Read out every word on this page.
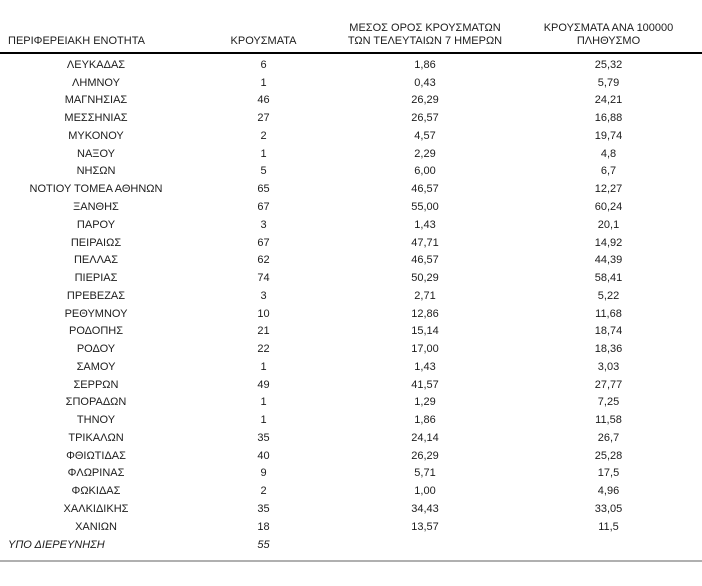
ΠΕΡΙΦΕΡΕΙΑΚΗ ΕΝΟΤΗΤΑ	ΚΡΟΥΣΜΑΤΑ	ΜΕΣΟΣ ΟΡΟΣ ΚΡΟΥΣΜΑΤΩΝ
ΤΩΝ ΤΕΛΕΥΤΑΙΩΝ 7 ΗΜΕΡΩΝ	ΚΡΟΥΣΜΑΤΑ ΑΝΑ 100000
ΠΛΗΘΥΣΜΟ

ΛΕΥΚΑΔΑΣ	6	1,86	25,32
ΛΗΜΝΟΥ	1	0,43	5,79
ΜΑΓΝΗΣΙΑΣ	46	26,29	24,21
ΜΕΣΣΗΝΙΑΣ	27	26,57	16,88
ΜΥΚΟΝΟΥ	2	4,57	19,74
ΝΑΞΟΥ	1	2,29	4,8
ΝΗΣΩΝ	5	6,00	6,7
ΝΟΤΙΟΥ ΤΟΜΕΑ ΑΘΗΝΩΝ	65	46,57	12,27
ΞΑΝΘΗΣ	67	55,00	60,24
ΠΑΡΟΥ	3	1,43	20,1
ΠΕΙΡΑΙΩΣ	67	47,71	14,92
ΠΕΛΛΑΣ	62	46,57	44,39
ΠΙΕΡΙΑΣ	74	50,29	58,41
ΠΡΕΒΕΖΑΣ	3	2,71	5,22
ΡΕΘΥΜΝΟΥ	10	12,86	11,68
ΡΟΔΟΠΗΣ	21	15,14	18,74
ΡΟΔΟΥ	22	17,00	18,36
ΣΑΜΟΥ	1	1,43	3,03
ΣΕΡΡΩΝ	49	41,57	27,77
ΣΠΟΡΑΔΩΝ	1	1,29	7,25
ΤΗΝΟΥ	1	1,86	11,58
ΤΡΙΚΑΛΩΝ	35	24,14	26,7
ΦΘΙΩΤΙΔΑΣ	40	26,29	25,28
ΦΛΩΡΙΝΑΣ	9	5,71	17,5
ΦΩΚΙΔΑΣ	2	1,00	4,96
ΧΑΛΚΙΔΙΚΗΣ	35	34,43	33,05
ΧΑΝΙΩΝ	18	13,57	11,5
ΥΠΟ ΔΙΕΡΕΥΝΗΣΗ	55		
